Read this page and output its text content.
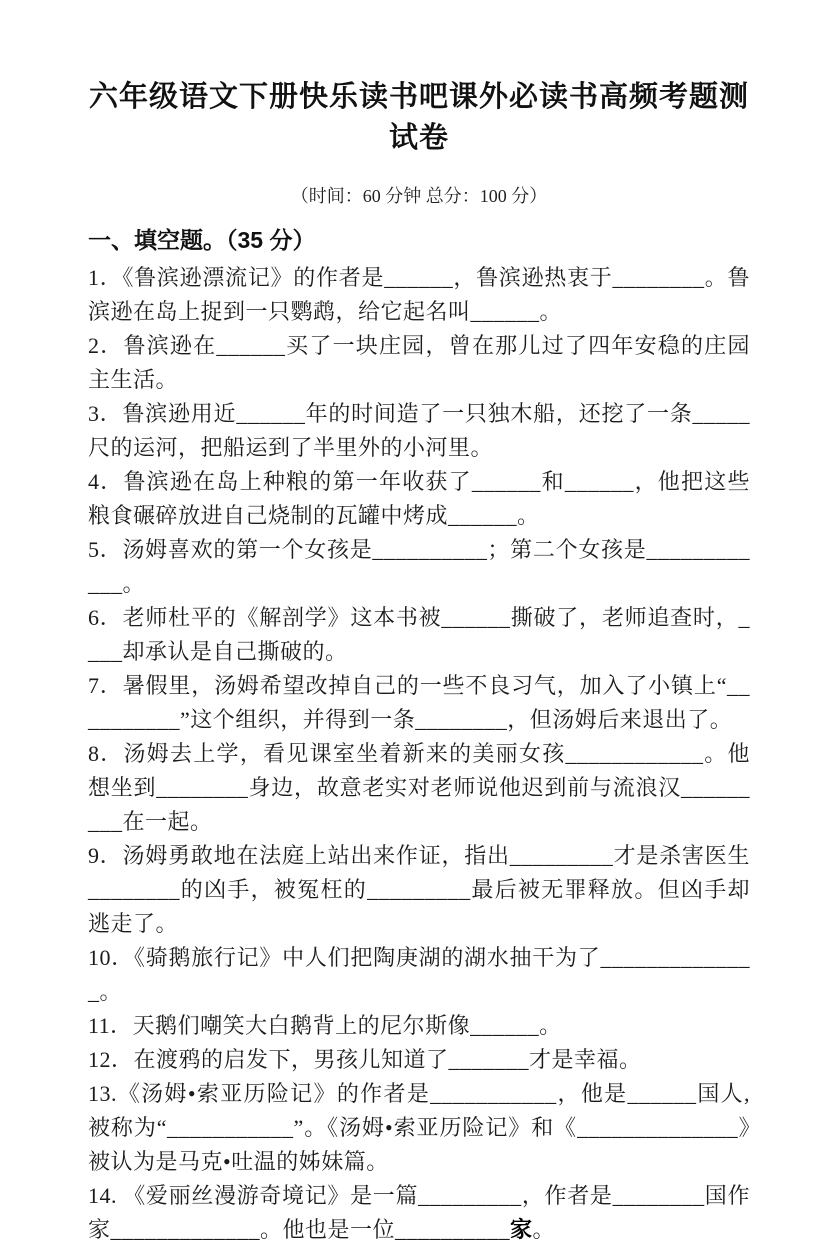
六年级语文下册快乐读书吧课外必读书高频考题测试卷
（时间：60 分钟 总分：100 分）
一、填空题。（35 分）

1．《鲁滨逊漂流记》的作者是______，鲁滨逊热衷于________。鲁滨逊在岛上捉到一只鹦鹉，给它起名叫______。

2．鲁滨逊在______买了一块庄园，曾在那儿过了四年安稳的庄园主生活。

3．鲁滨逊用近______年的时间造了一只独木船，还挖了一条_____尺的运河，把船运到了半里外的小河里。

4．鲁滨逊在岛上种粮的第一年收获了______和______，他把这些粮食碾碎放进自己烧制的瓦罐中烤成______。

5．汤姆喜欢的第一个女孩是__________；第二个女孩是____________。

6．老师杜平的《解剖学》这本书被______撕破了，老师追查时，____却承认是自己撕破的。

7．暑假里，汤姆希望改掉自己的一些不良习气，加入了小镇上“__________”这个组织，并得到一条________，但汤姆后来退出了。

8．汤姆去上学，看见课室坐着新来的美丽女孩____________。他想坐到________身边，故意老实对老师说他迟到前与流浪汉_________在一起。

9．汤姆勇敢地在法庭上站出来作证，指出_________才是杀害医生________的凶手，被冤枉的_________最后被无罪释放。但凶手却逃走了。

10．《骑鹅旅行记》中人们把陶庚湖的湖水抽干为了______________。

11．天鹅们嘲笑大白鹅背上的尼尔斯像______。

12．在渡鸦的启发下，男孩儿知道了_______才是幸福。

13.《汤姆•索亚历险记》的作者是___________，他是______国人,被称为“___________”。《汤姆•索亚历险记》和《______________》被认为是马克•吐温的姊妹篇。

14. 《爱丽丝漫游奇境记》是一篇_________，作者是________国作家_____________。他也是一位__________家。
